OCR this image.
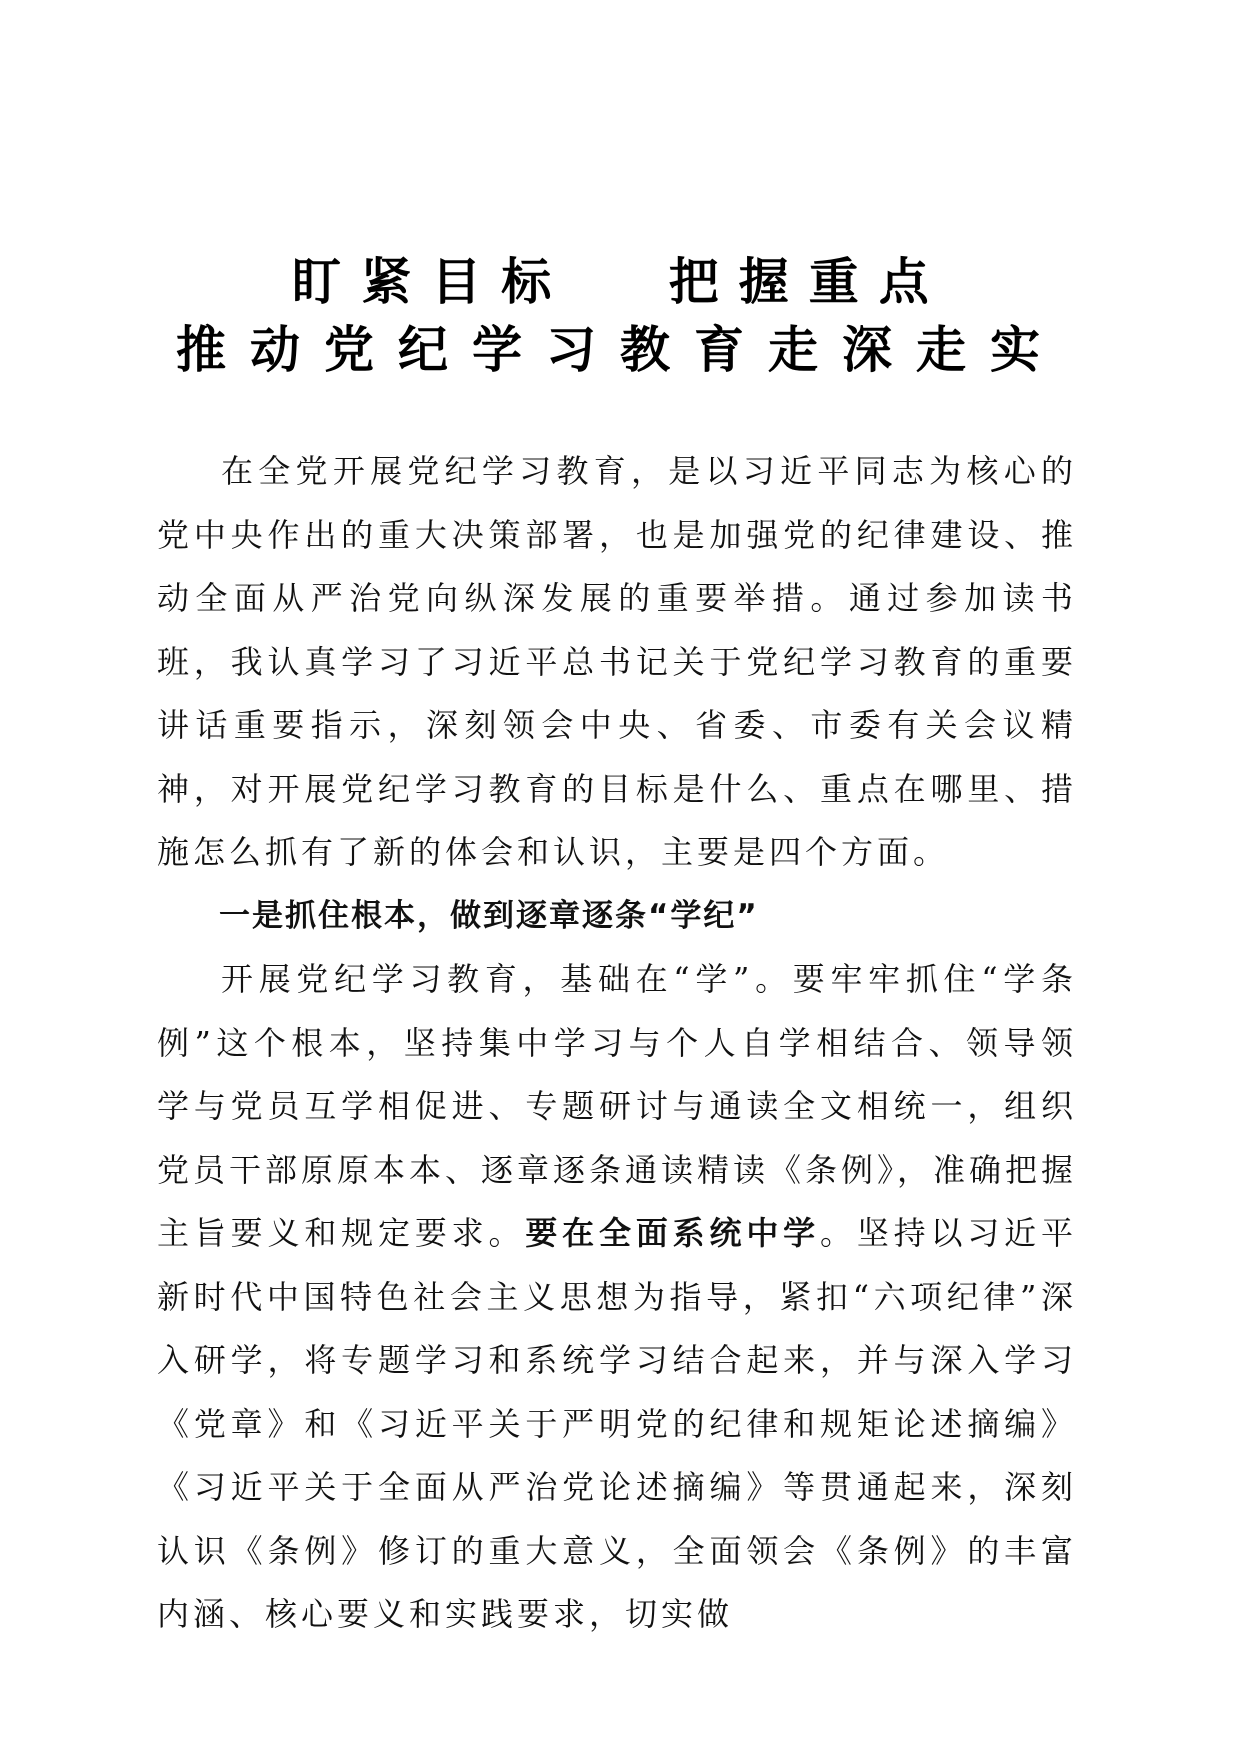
盯紧目标 把握重点
推动党纪学习教育走深走实

在全党开展党纪学习教育，是以习近平同志为核心的党中央作出的重大决策部署，也是加强党的纪律建设、推动全面从严治党向纵深发展的重要举措。通过参加读书班，我认真学习了习近平总书记关于党纪学习教育的重要讲话重要指示，深刻领会中央、省委、市委有关会议精神，对开展党纪学习教育的目标是什么、重点在哪里、措施怎么抓有了新的体会和认识，主要是四个方面。

一是抓住根本，做到逐章逐条“学纪”

开展党纪学习教育，基础在“学”。要牢牢抓住“学条例”这个根本，坚持集中学习与个人自学相结合、领导领学与党员互学相促进、专题研讨与通读全文相统一，组织党员干部原原本本、逐章逐条通读精读《条例》，准确把握主旨要义和规定要求。要在全面系统中学。坚持以习近平新时代中国特色社会主义思想为指导，紧扣“六项纪律”深入研学，将专题学习和系统学习结合起来，并与深入学习《党章》和《习近平关于严明党的纪律和规矩论述摘编》《习近平关于全面从严治党论述摘编》等贯通起来，深刻认识《条例》修订的重大意义，全面领会《条例》的丰富内涵、核心要义和实践要求，切实做
